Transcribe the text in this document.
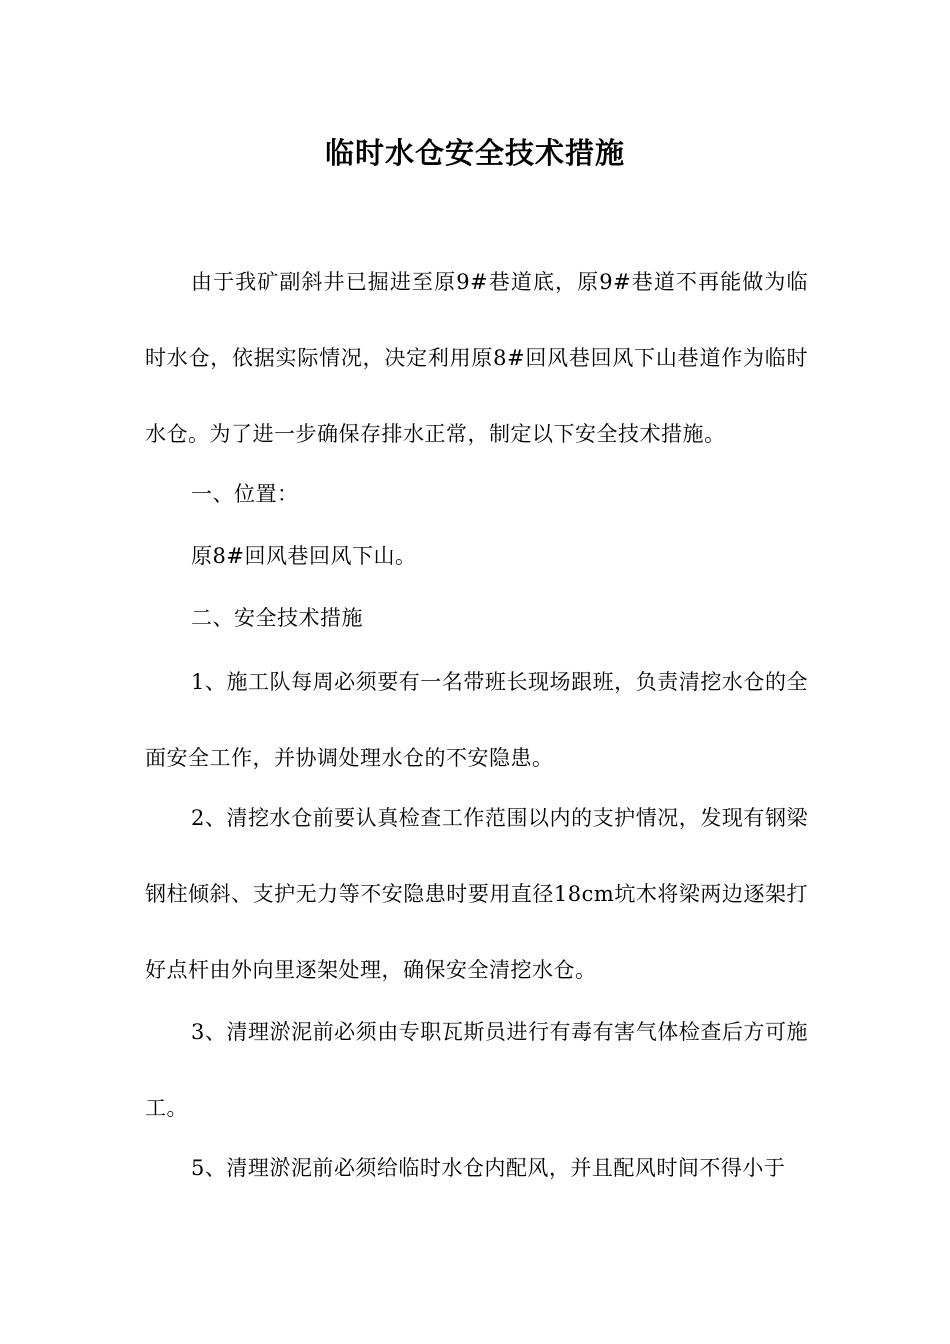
临时水仓安全技术措施

由于我矿副斜井已掘进至原9#巷道底，原9#巷道不再能做为临时水仓，依据实际情况，决定利用原8#回风巷回风下山巷道作为临时水仓。为了进一步确保存排水正常，制定以下安全技术措施。

一、位置：

原8#回风巷回风下山。

二、安全技术措施

1、施工队每周必须要有一名带班长现场跟班，负责清挖水仓的全面安全工作，并协调处理水仓的不安隐患。

2、清挖水仓前要认真检查工作范围以内的支护情况，发现有钢梁钢柱倾斜、支护无力等不安隐患时要用直径18cm坑木将梁两边逐架打好点杆由外向里逐架处理，确保安全清挖水仓。

3、清理淤泥前必须由专职瓦斯员进行有毒有害气体检查后方可施工。

5、清理淤泥前必须给临时水仓内配风，并且配风时间不得小于
